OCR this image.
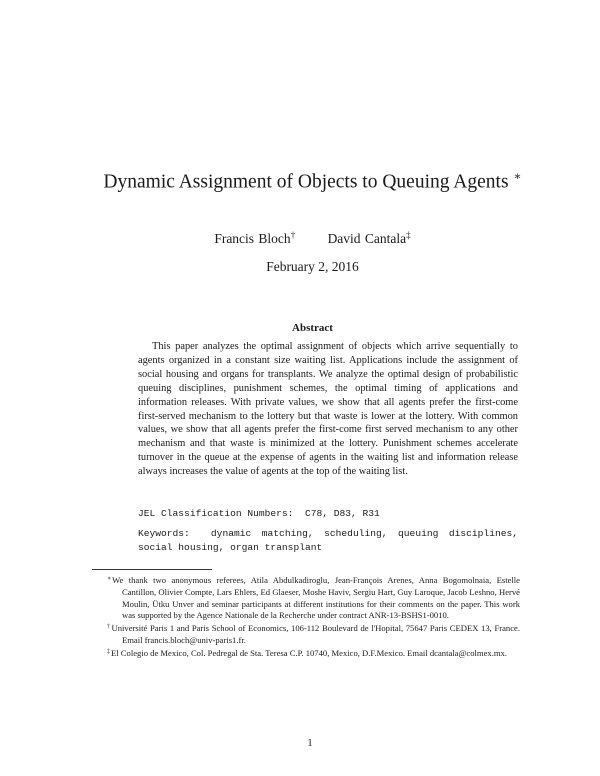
Dynamic Assignment of Objects to Queuing Agents ∗
Francis Bloch† David Cantala‡
February 2, 2016
Abstract

This paper analyzes the optimal assignment of objects which arrive sequentially to agents organized in a constant size waiting list. Applications include the assignment of social housing and organs for transplants. We analyze the optimal design of probabilistic queuing disciplines, punishment schemes, the optimal timing of applications and information releases. With private values, we show that all agents prefer the first-come first-served mechanism to the lottery but that waste is lower at the lottery. With common values, we show that all agents prefer the first-come first served mechanism to any other mechanism and that waste is minimized at the lottery. Punishment schemes accelerate turnover in the queue at the expense of agents in the waiting list and information release always increases the value of agents at the top of the waiting list.

JEL Classification Numbers:  C78, D83, R31
Keywords:  dynamic matching, scheduling, queuing disciplines, social housing, organ transplant

∗We thank two anonymous referees, Atila Abdulkadiroglu, Jean-François Arenes, Anna Bogomolnaia, Estelle Cantillon, Olivier Compte, Lars Ehlers, Ed Glaeser, Moshe Haviv, Sergiu Hart, Guy Laroque, Jacob Leshno, Hervé Moulin, Ütku Unver and seminar participants at different institutions for their comments on the paper. This work was supported by the Agence Nationale de la Recherche under contract ANR-13-BSHS1-0010.

†Université Paris 1 and Paris School of Economics, 106-112 Boulevard de l'Hopital, 75647 Paris CEDEX 13, France. Email francis.bloch@univ-paris1.fr.

‡El Colegio de Mexico, Col. Pedregal de Sta. Teresa C.P. 10740, Mexico, D.F.Mexico. Email dcantala@colmex.mx.

1
